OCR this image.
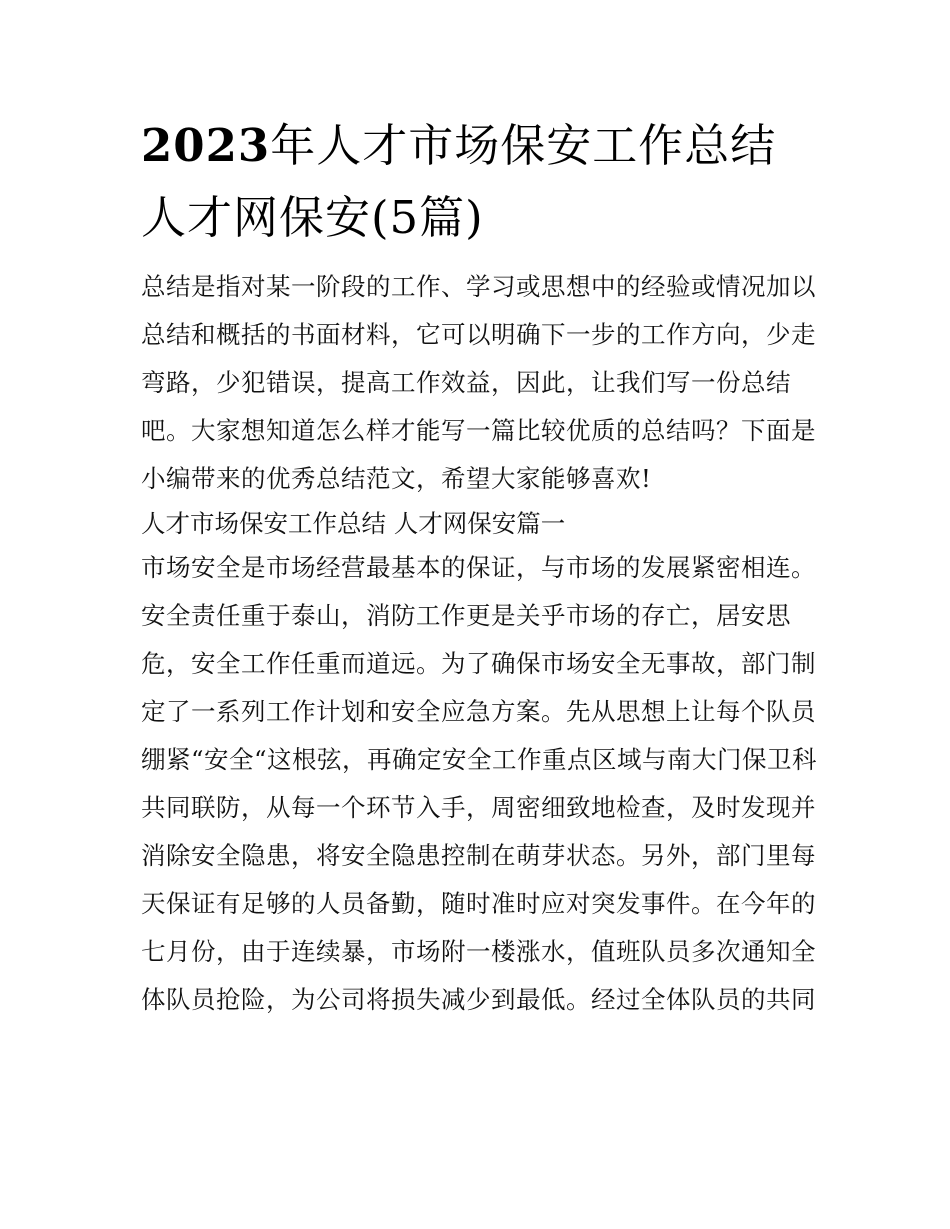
2023年人才市场保安工作总结
人才网保安(5篇)
总结是指对某一阶段的工作、学习或思想中的经验或情况加以
总结和概括的书面材料，它可以明确下一步的工作方向，少走
弯路，少犯错误，提高工作效益，因此，让我们写一份总结
吧。大家想知道怎么样才能写一篇比较优质的总结吗？下面是
小编带来的优秀总结范文，希望大家能够喜欢!
人才市场保安工作总结 人才网保安篇一
市场安全是市场经营最基本的保证，与市场的发展紧密相连。
安全责任重于泰山，消防工作更是关乎市场的存亡，居安思
危，安全工作任重而道远。为了确保市场安全无事故，部门制
定了一系列工作计划和安全应急方案。先从思想上让每个队员
绷紧“安全“这根弦，再确定安全工作重点区域与南大门保卫科
共同联防，从每一个环节入手，周密细致地检查，及时发现并
消除安全隐患，将安全隐患控制在萌芽状态。另外，部门里每
天保证有足够的人员备勤，随时准时应对突发事件。在今年的
七月份，由于连续暴，市场附一楼涨水，值班队员多次通知全
体队员抢险，为公司将损失减少到最低。经过全体队员的共同
